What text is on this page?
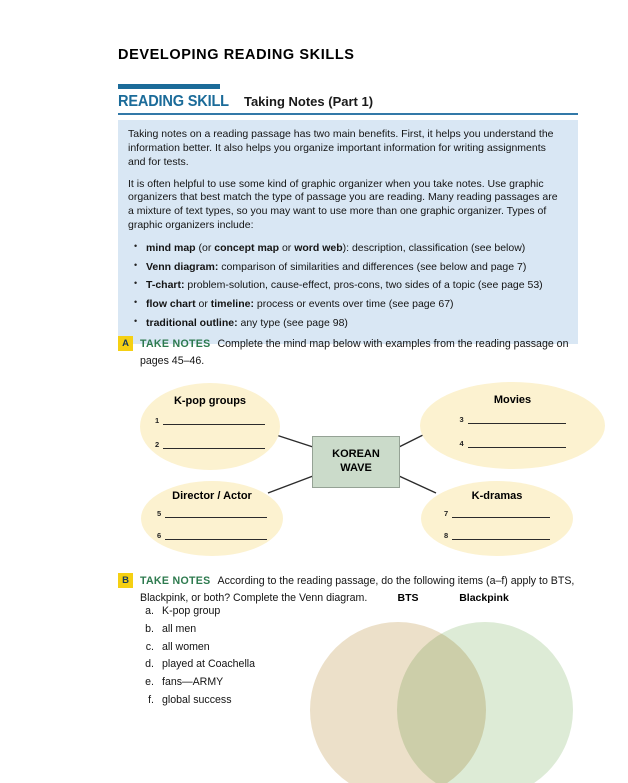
DEVELOPING READING SKILLS
READING SKILL Taking Notes (Part 1)

Taking notes on a reading passage has two main benefits. First, it helps you understand the information better. It also helps you organize important information for writing assignments and for tests.

It is often helpful to use some kind of graphic organizer when you take notes. Use graphic organizers that best match the type of passage you are reading. Many reading passages are a mixture of text types, so you may want to use more than one graphic organizer. Types of graphic organizers include:

• mind map (or concept map or word web): description, classification (see below)
• Venn diagram: comparison of similarities and differences (see below and page 7)
• T-chart: problem-solution, cause-effect, pros-cons, two sides of a topic (see page 53)
• flow chart or timeline: process or events over time (see page 67)
• traditional outline: any type (see page 98)
A	TAKE NOTES Complete the mind map below with examples from the reading passage on
pages 45–46.
K-pop groups
1
2
Movies
3
4
Director / Actor
5
6
K-dramas
7
8
KOREAN
WAVE
B	TAKE NOTES According to the reading passage, do the following items (a–f) apply to BTS,
Blackpink, or both? Complete the Venn diagram.
a. K-pop group
b. all men
c. all women
d. played at Coachella
e. fans—ARMY
f. global success
BTS	Blackpink
